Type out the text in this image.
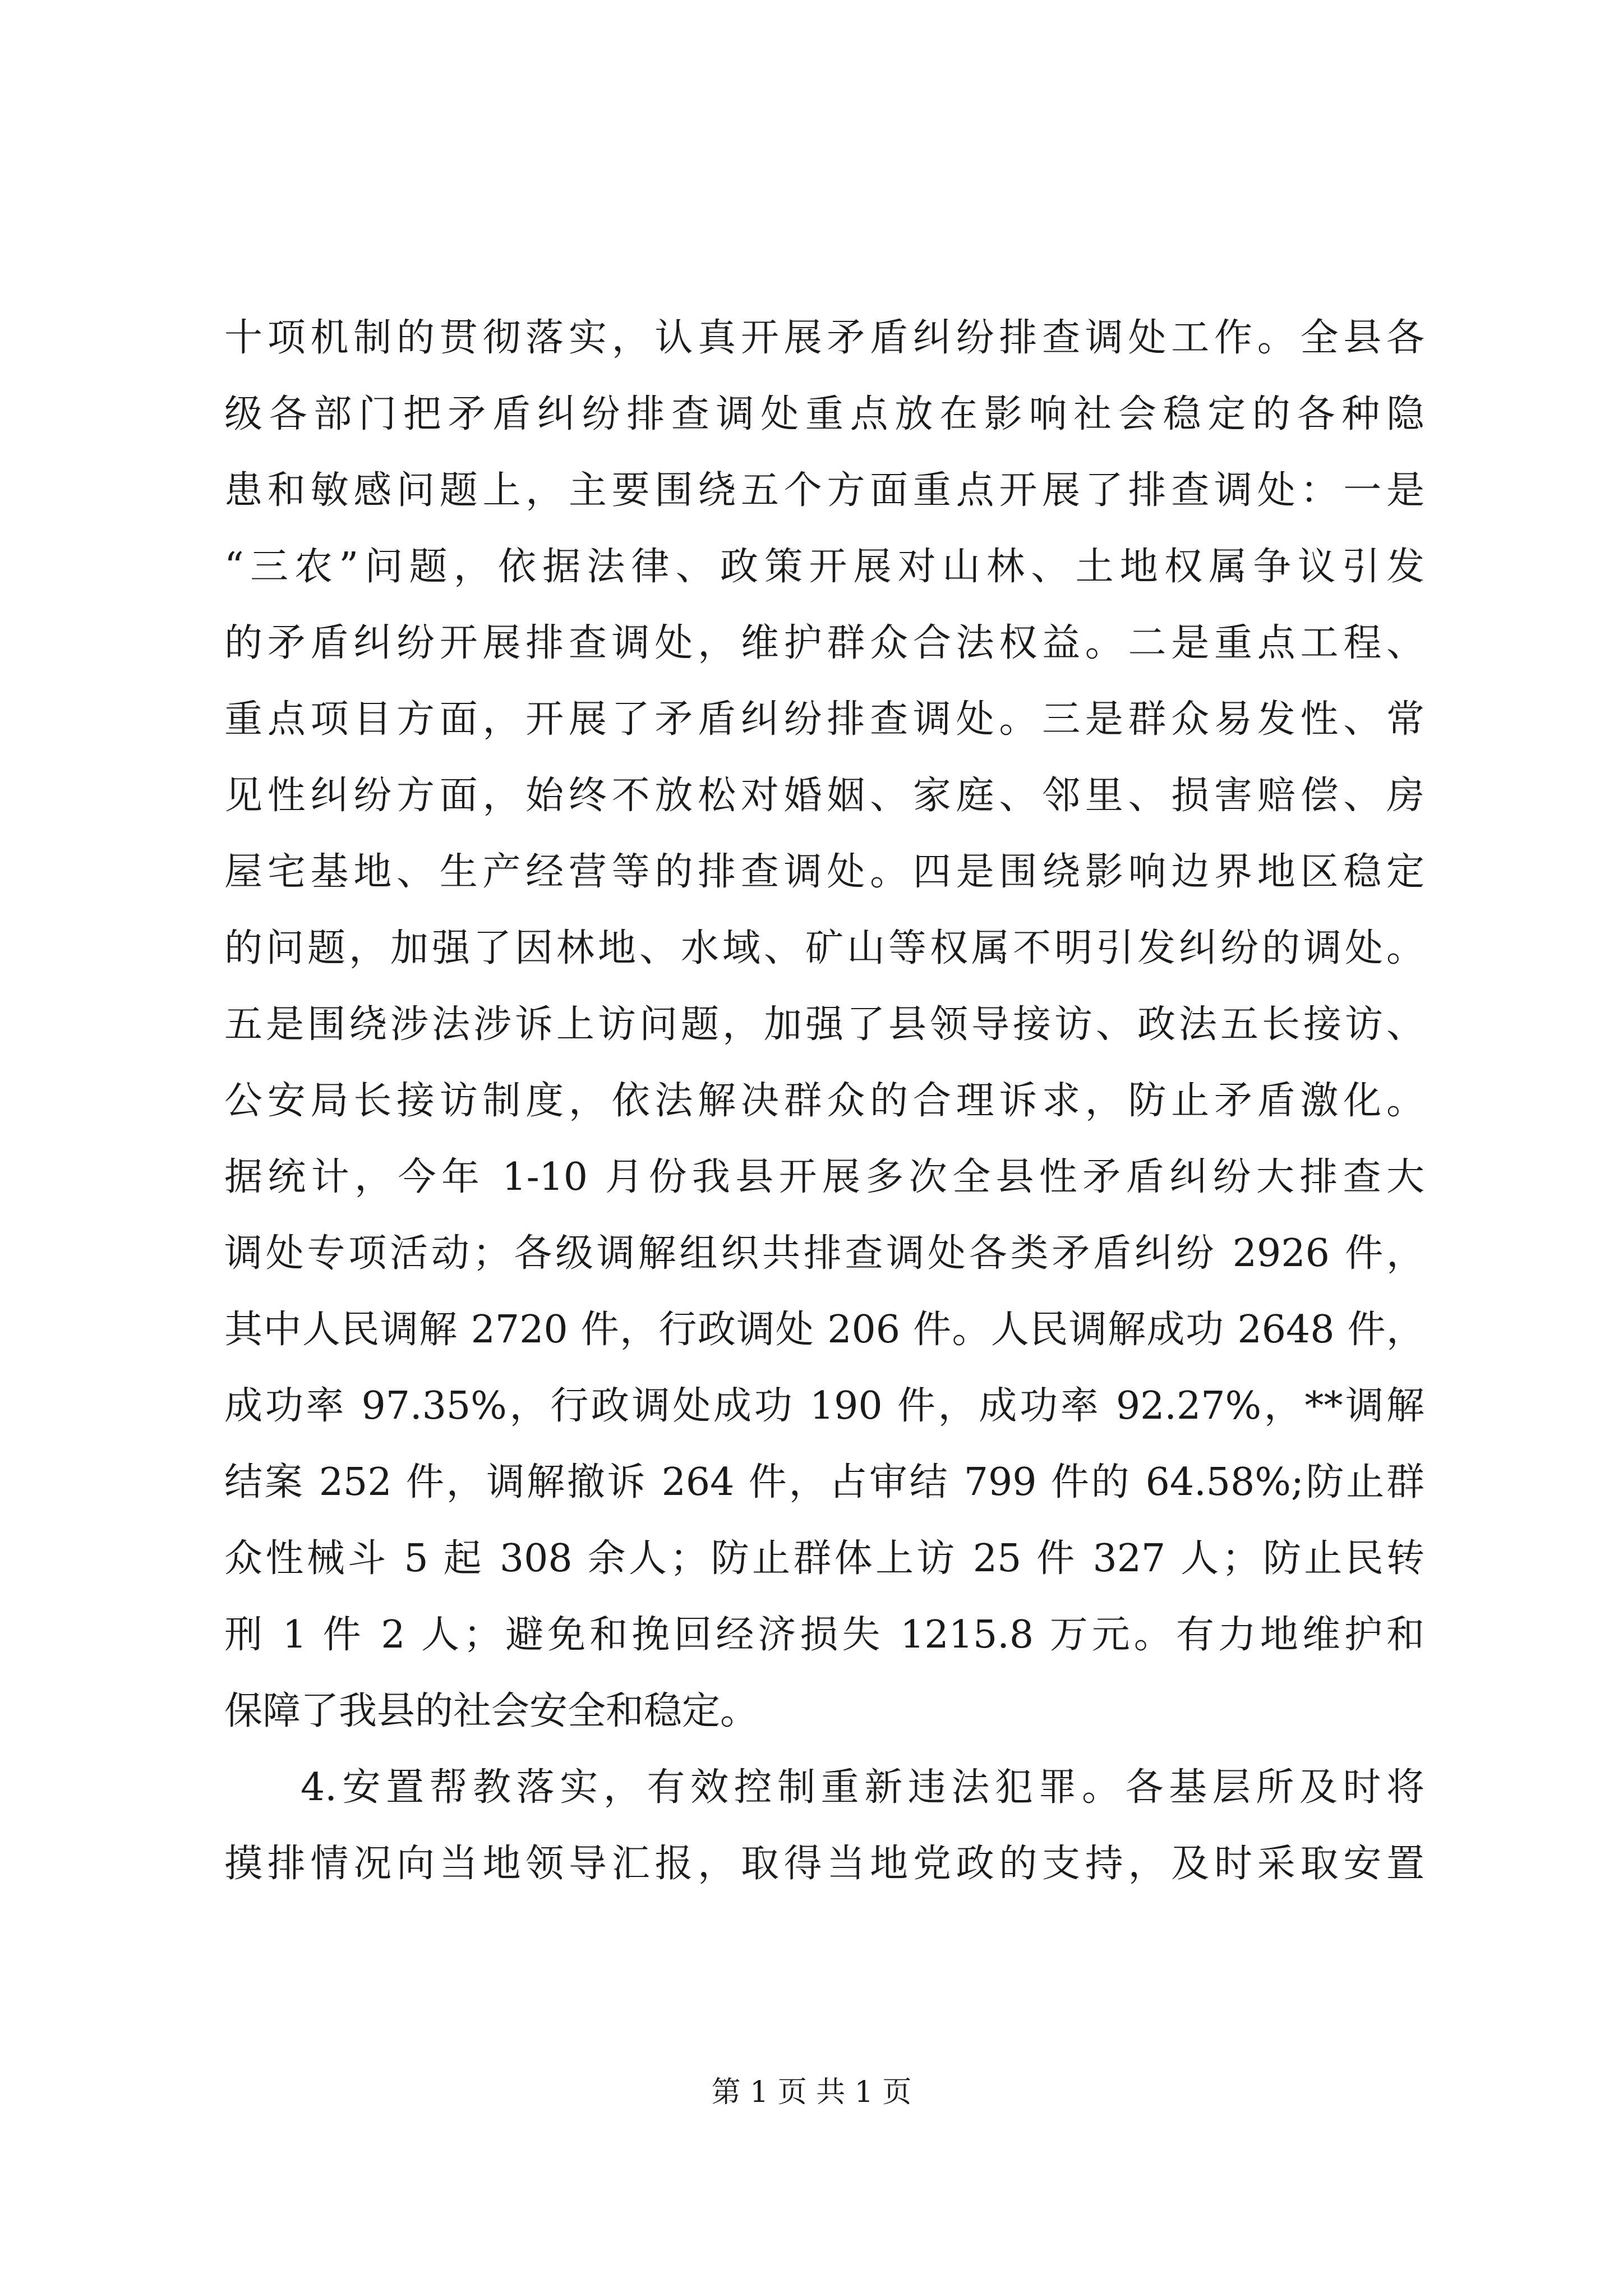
十项机制的贯彻落实，认真开展矛盾纠纷排查调处工作。全县各
级各部门把矛盾纠纷排查调处重点放在影响社会稳定的各种隐
患和敏感问题上，主要围绕五个方面重点开展了排查调处：一是
“三农”问题，依据法律、政策开展对山林、土地权属争议引发
的矛盾纠纷开展排查调处，维护群众合法权益。二是重点工程、
重点项目方面，开展了矛盾纠纷排查调处。三是群众易发性、常
见性纠纷方面，始终不放松对婚姻、家庭、邻里、损害赔偿、房
屋宅基地、生产经营等的排查调处。四是围绕影响边界地区稳定
的问题，加强了因林地、水域、矿山等权属不明引发纠纷的调处。
五是围绕涉法涉诉上访问题，加强了县领导接访、政法五长接访、
公安局长接访制度，依法解决群众的合理诉求，防止矛盾激化。
据统计，今年 1-10 月份我县开展多次全县性矛盾纠纷大排查大
调处专项活动；各级调解组织共排查调处各类矛盾纠纷 2926 件，
其中人民调解 2720 件，行政调处 206 件。人民调解成功 2648 件，
成功率 97.35%，行政调处成功 190 件，成功率 92.27%，**调解
结案 252 件，调解撤诉 264 件，占审结 799 件的 64.58%;防止群
众性械斗 5 起 308 余人；防止群体上访 25 件 327 人；防止民转
刑 1 件 2 人；避免和挽回经济损失 1215.8 万元。有力地维护和
保障了我县的社会安全和稳定。
4.安置帮教落实，有效控制重新违法犯罪。各基层所及时将
摸排情况向当地领导汇报，取得当地党政的支持，及时采取安置
第 1 页 共 1 页
